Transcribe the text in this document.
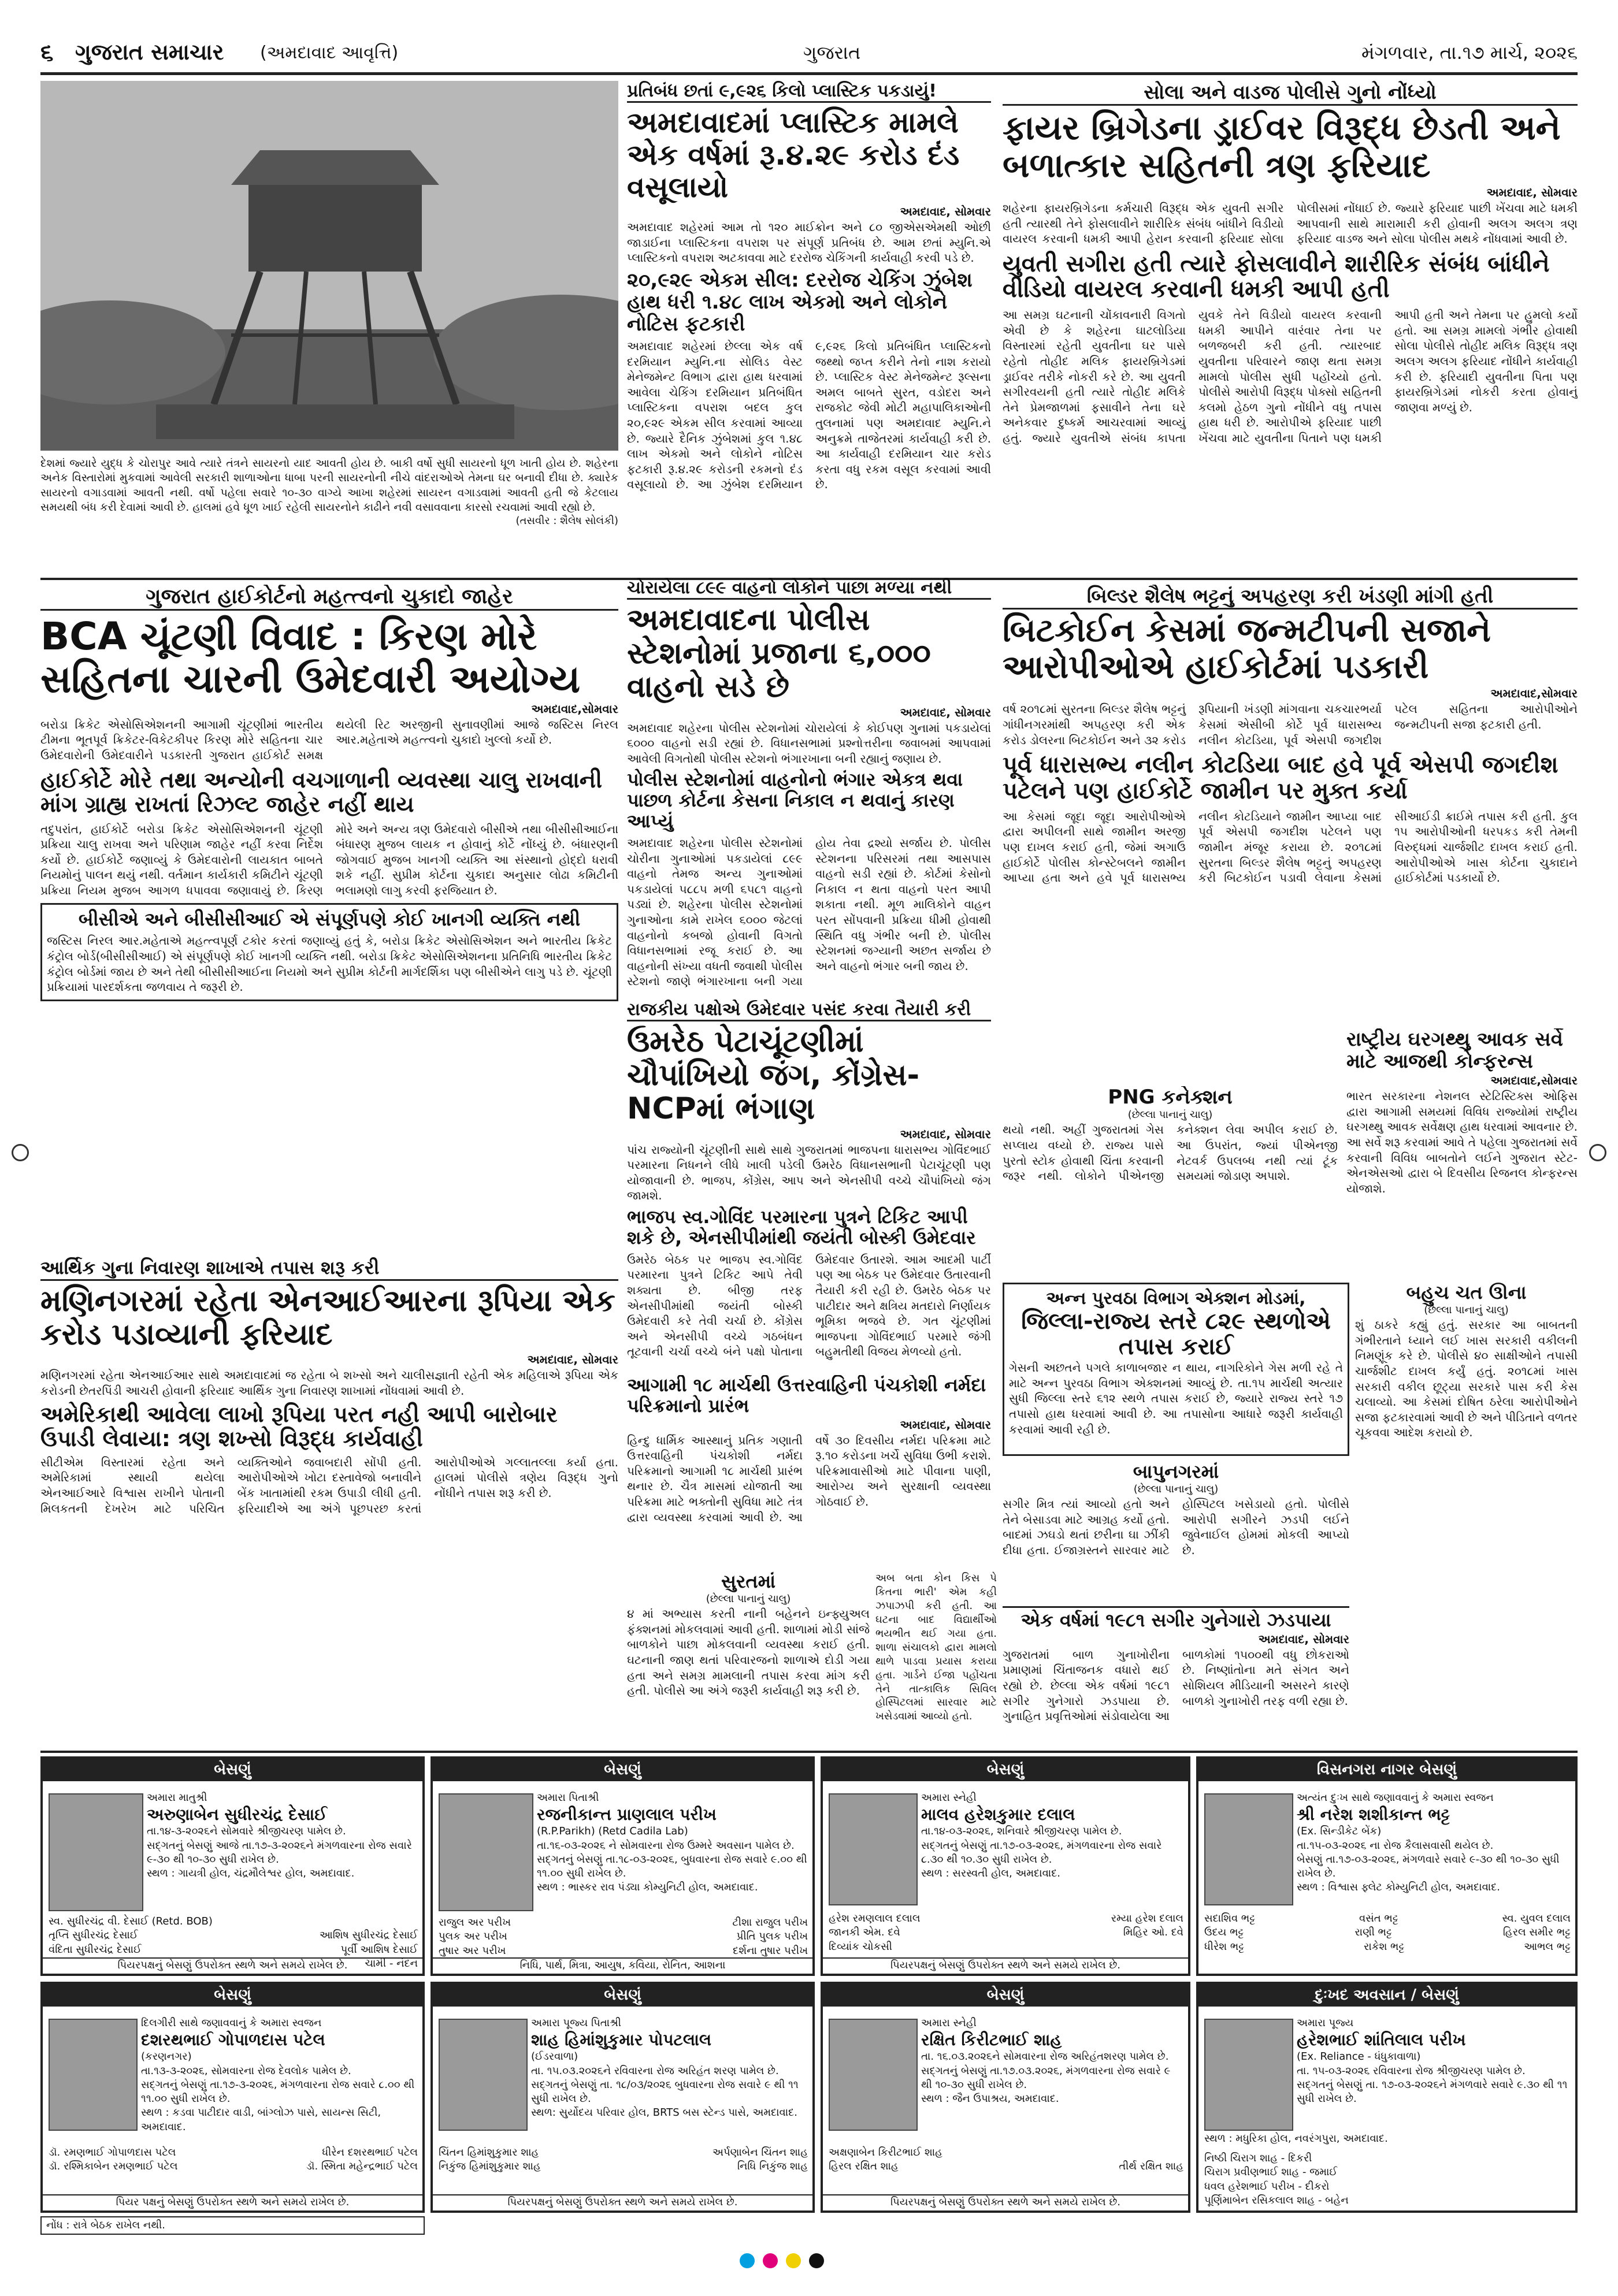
૬ ગુજરાત સમાચાર (અમદાવાદ આવૃત્તિ)	ગુજરાત	મંગળવાર, તા.૧૭ માર્ચ, ૨૦૨૬

દેશમાં જ્યારે યુદ્ધ કે ચોરાપુર આવે ત્યારે તંત્રને સાયરનો યાદ આવતી હોય છે. બાકી વર્ષો સુધી સાયરનો ધૂળ ખાતી હોય છે. શહેરના અનેક વિસ્તારોમાં મુકવામાં આવેલી સરકારી શાળાઓના ધાબા પરની સાયરનોની નીચે વાંદરાઓએ તેમના ઘર બનાવી દીધા છે. ક્યારેક સાયરનો વગાડવામાં આવતી નથી. વર્ષો પહેલા સવારે ૧૦-૩૦ વાગ્યે આખા શહેરમાં સાયરન વગાડવામાં આવતી હતી જે કેટલાય સમયથી બંધ કરી દેવામાં આવી છે. હાલમાં હવે ધૂળ ખાઈ રહેલી સાયરનોને કાઢીને નવી વસાવવાના કારસો રચવામાં આવી રહ્યો છે.

(તસવીર : શૈલેષ સોલંકી)

પ્રતિબંધ છતાં ૯,૯૨૬ કિલો પ્લાસ્ટિક પકડાયું!
અમદાવાદમાં પ્લાસ્ટિક મામલે એક વર્ષમાં રૂ.૪.૨૯ કરોડ દંડ વસૂલાયો
અમદાવાદ, સોમવાર

અમદાવાદ શહેરમાં આમ તો ૧૨૦ માઈક્રોન અને ૮૦ જીએસએમથી ઓછી જાડાઈના પ્લાસ્ટિકના વપરાશ પર સંપૂર્ણ પ્રતિબંધ છે. આમ છતાં મ્યુનિ.એ પ્લાસ્ટિકનો વપરાશ અટકાવવા માટે દરરોજ ચેકિંગની કાર્યવાહી કરવી પડે છે.

૨૦,૯૨૯ એકમ સીલ: દરરોજ ચેકિંગ ઝુંબેશ હાથ ધરી ૧.૪૮ લાખ એકમો અને લોકોને નોટિસ ફટકારી

અમદાવાદ શહેરમાં છેલ્લા એક વર્ષ દરમિયાન મ્યુનિ.ના સોલિડ વેસ્ટ મેનેજમેન્ટ વિભાગ દ્વારા હાથ ધરવામાં આવેલા ચેકિંગ દરમિયાન પ્રતિબંધિત પ્લાસ્ટિકના વપરાશ બદલ કુલ ૨૦,૯૨૯ એકમ સીલ કરવામાં આવ્યા છે. જ્યારે દૈનિક ઝુંબેશમાં કુલ ૧.૪૮ લાખ એકમો અને લોકોને નોટિસ ફટકારી રૂ.૪.૨૯ કરોડની રકમનો દંડ વસૂલાયો છે. આ ઝુંબેશ દરમિયાન ૯,૯૨૬ કિલો પ્રતિબંધિત પ્લાસ્ટિકનો જથ્થો જપ્ત કરીને તેનો નાશ કરાયો છે. પ્લાસ્ટિક વેસ્ટ મેનેજમેન્ટ રૂલ્સના અમલ બાબતે સુરત, વડોદરા અને રાજકોટ જેવી મોટી મહાપાલિકાઓની તુલનામાં પણ અમદાવાદ મ્યુનિ.ને અનુક્રમે તાજેતરમાં કાર્યવાહી કરી છે. આ કાર્યવાહી દરમિયાન ચાર કરોડ કરતા વધુ રકમ વસૂલ કરવામાં આવી છે.

સોલા અને વાડજ પોલીસે ગુનો નોંધ્યો
ફાયર બ્રિગેડના ડ્રાઈવર વિરૂદ્ધ છેડતી અને બળાત્કાર સહિતની ત્રણ ફરિયાદ
અમદાવાદ, સોમવાર

શહેરના ફાયરબ્રિગેડના કર્મચારી વિરૂદ્ધ એક યુવતી સગીર હતી ત્યારથી તેને ફોસલાવીને શારીરિક સંબંધ બાંધીને વિડીયો વાયરલ કરવાની ધમકી આપી હેરાન કરવાની ફરિયાદ સોલા પોલીસમાં નોંધાઈ છે. જ્યારે ફરિયાદ પાછી ખેંચવા માટે ધમકી આપવાની સાથે મારામારી કરી હોવાની અલગ અલગ ત્રણ ફરિયાદ વાડજ અને સોલા પોલીસ મથકે નોંધવામાં આવી છે.

યુવતી સગીરા હતી ત્યારે ફોસલાવીને શારીરિક સંબંધ બાંધીને વીડિયો વાયરલ કરવાની ધમકી આપી હતી

આ સમગ્ર ઘટનાની ચોંકાવનારી વિગતો એવી છે કે શહેરના ઘાટલોડિયા વિસ્તારમાં રહેતી યુવતીના ઘર પાસે રહેતો તોહીદ મલિક ફાયરબ્રિગેડમાં ડ્રાઈવર તરીકે નોકરી કરે છે. આ યુવતી સગીરવયની હતી ત્યારે તોહીદ મલિકે તેને પ્રેમજાળમાં ફસાવીને તેના ઘરે અનેકવાર દુષ્કર્મ આચરવામાં આવ્યું હતું. જ્યારે યુવતીએ સંબંધ કાપતા યુવકે તેને વિડીયો વાયરલ કરવાની ધમકી આપીને વારંવાર તેના પર બળજબરી કરી હતી. ત્યારબાદ યુવતીના પરિવારને જાણ થતા સમગ્ર મામલો પોલીસ સુધી પહોંચ્યો હતો. પોલીસે આરોપી વિરૂદ્ધ પોક્સો સહિતની કલમો હેઠળ ગુનો નોંધીને વધુ તપાસ હાથ ધરી છે. આરોપીએ ફરિયાદ પાછી ખેંચવા માટે યુવતીના પિતાને પણ ધમકી આપી હતી અને તેમના પર હુમલો કર્યો હતો. આ સમગ્ર મામલો ગંભીર હોવાથી સોલા પોલીસે તોહીદ મલિક વિરૂદ્ધ ત્રણ અલગ અલગ ફરિયાદ નોંધીને કાર્યવાહી કરી છે. ફરિયાદી યુવતીના પિતા પણ ફાયરબ્રિગેડમાં નોકરી કરતા હોવાનું જાણવા મળ્યું છે.

ગુજરાત હાઈકોર્ટનો મહત્ત્વનો ચુકાદો જાહેર
BCA ચૂંટણી વિવાદ : કિરણ મોરે સહિતના ચારની ઉમેદવારી અયોગ્ય
અમદાવાદ,સોમવાર

બરોડા ક્રિકેટ એસોસિએશનની આગામી ચૂંટણીમાં ભારતીય ટીમના ભૂતપૂર્વ ક્રિકેટર-વિકેટકીપર કિરણ મોરે સહિતના ચાર ઉમેદવારોની ઉમેદવારીને પડકારતી ગુજરાત હાઈકોર્ટ સમક્ષ થયેલી રિટ અરજીની સુનાવણીમાં આજે જસ્ટિસ નિરલ આર.મહેતાએ મહત્ત્વનો ચુકાદો ખુલ્લો કર્યો છે.

હાઈકોર્ટે મોરે તથા અન્યોની વચગાળાની વ્યવસ્થા ચાલુ રાખવાની માંગ ગ્રાહ્ય રાખતાં રિઝલ્ટ જાહેર નહીં થાય

તદુપરાંત, હાઈકોર્ટે બરોડા ક્રિકેટ એસોસિએશનની ચૂંટણી પ્રક્રિયા ચાલુ રાખવા અને પરિણામ જાહેર નહીં કરવા નિર્દેશ કર્યો છે. હાઈકોર્ટે જણાવ્યું કે ઉમેદવારોની લાયકાત બાબતે નિયમોનું પાલન થયું નથી. વર્તમાન કાર્યકારી કમિટીને ચૂંટણી પ્રક્રિયા નિયમ મુજબ આગળ ધપાવવા જણાવાયું છે. કિરણ મોરે અને અન્ય ત્રણ ઉમેદવારો બીસીએ તથા બીસીસીઆઈના બંધારણ મુજબ લાયક ન હોવાનું કોર્ટે નોંધ્યું છે. બંધારણની જોગવાઈ મુજબ ખાનગી વ્યક્તિ આ સંસ્થાનો હોદ્દો ધરાવી શકે નહીં. સુપ્રીમ કોર્ટના ચુકાદા અનુસાર લોઢા કમિટીની ભલામણો લાગુ કરવી ફરજિયાત છે.

બીસીએ અને બીસીસીઆઈ એ સંપૂર્ણપણે કોઈ ખાનગી વ્યક્તિ નથી

જસ્ટિસ નિરલ આર.મહેતાએ મહત્ત્વપૂર્ણ ટકોર કરતાં જણાવ્યું હતું કે, બરોડા ક્રિકેટ એસોસિએશન અને ભારતીય ક્રિકેટ કંટ્રોલ બોર્ડ(બીસીસીઆઈ) એ સંપૂર્ણપણે કોઈ ખાનગી વ્યક્તિ નથી. બરોડા ક્રિકેટ એસોસિએશનના પ્રતિનિધિ ભારતીય ક્રિકેટ કંટ્રોલ બોર્ડમાં જાય છે અને તેથી બીસીસીઆઈના નિયમો અને સુપ્રીમ કોર્ટની માર્ગદર્શિકા પણ બીસીએને લાગુ પડે છે. ચૂંટણી પ્રક્રિયામાં પારદર્શકતા જળવાય તે જરૂરી છે.

ચોરાયેલા ૮૯૯ વાહનો લોકોને પાછા મળ્યા નથી
અમદાવાદના પોલીસ સ્ટેશનોમાં પ્રજાના ૬,૦૦૦ વાહનો સડે છે
અમદાવાદ, સોમવાર

અમદાવાદ શહેરના પોલીસ સ્ટેશનોમાં ચોરાયેલાં કે કોઈપણ ગુનામાં પકડાયેલાં ૬૦૦૦ વાહનો સડી રહ્યાં છે. વિધાનસભામાં પ્રશ્નોત્તરીના જવાબમાં આપવામાં આવેલી વિગતોથી પોલીસ સ્ટેશનો ભંગારખાના બની રહ્યાનું જણાય છે.

પોલીસ સ્ટેશનોમાં વાહનોનો ભંગાર એકત્ર થવા પાછળ કોર્ટના કેસના નિકાલ ન થવાનું કારણ આપ્યું

અમદાવાદ શહેરના પોલીસ સ્ટેશનોમાં ચોરીના ગુનાઓમાં પકડાયેલાં ૮૯૯ વાહનો તેમજ અન્ય ગુનાઓમાં પકડાયેલાં ૫૮૮૫ મળી ૬૫૮૧ વાહનો પડ્યાં છે. શહેરના પોલીસ સ્ટેશનોમાં ગુનાઓના કામે રાખેલ ૬૦૦૦ જેટલાં વાહનોનો કબજો હોવાની વિગતો વિધાનસભામાં રજૂ કરાઈ છે. આ વાહનોની સંખ્યા વધતી જવાથી પોલીસ સ્ટેશનો જાણે ભંગારખાના બની ગયા હોય તેવા દ્રશ્યો સર્જાય છે. પોલીસ સ્ટેશનના પરિસરમાં તથા આસપાસ વાહનો સડી રહ્યાં છે. કોર્ટમાં કેસોનો નિકાલ ન થતા વાહનો પરત આપી શકાતા નથી. મૂળ માલિકોને વાહન પરત સોંપવાની પ્રક્રિયા ધીમી હોવાથી સ્થિતિ વધુ ગંભીર બની છે. પોલીસ સ્ટેશનમાં જગ્યાની અછત સર્જાય છે અને વાહનો ભંગાર બની જાય છે.

બિલ્ડર શૈલેષ ભટ્ટનું અપહરણ કરી ખંડણી માંગી હતી
બિટકોઈન કેસમાં જન્મટીપની સજાને આરોપીઓએ હાઈકોર્ટમાં પડકારી
અમદાવાદ,સોમવાર

વર્ષ ૨૦૧૮માં સુરતના બિલ્ડર શૈલેષ ભટ્ટનું ગાંધીનગરમાંથી અપહરણ કરી એક કરોડ ડોલરના બિટકોઈન અને ૩૨ કરોડ રૂપિયાની ખંડણી માંગવાના ચકચારભર્યા કેસમાં એસીબી કોર્ટે પૂર્વ ધારાસભ્ય નલીન કોટડિયા, પૂર્વ એસપી જગદીશ પટેલ સહિતના આરોપીઓને જન્મટીપની સજા ફટકારી હતી.

પૂર્વ ધારાસભ્ય નલીન કોટડિયા બાદ હવે પૂર્વ એસપી જગદીશ પટેલને પણ હાઈકોર્ટે જામીન પર મુક્ત કર્યા

આ કેસમાં જૂદા જૂદા આરોપીઓએ દ્વારા અપીલની સાથે જામીન અરજી પણ દાખલ કરાઈ હતી, જેમાં અગાઉ હાઈકોર્ટે પોલીસ કોન્સ્ટેબલને જામીન આપ્યા હતા અને હવે પૂર્વ ધારાસભ્ય નલીન કોટડિયાને જામીન આપ્યા બાદ પૂર્વ એસપી જગદીશ પટેલને પણ જામીન મંજૂર કરાયા છે. ૨૦૧૮માં સુરતના બિલ્ડર શૈલેષ ભટ્ટનું અપહરણ કરી બિટકોઈન પડાવી લેવાના કેસમાં સીઆઈડી ક્રાઈમે તપાસ કરી હતી. કુલ ૧૫ આરોપીઓની ધરપકડ કરી તેમની વિરુદ્ધમાં ચાર્જશીટ દાખલ કરાઈ હતી. આરોપીઓએ ખાસ કોર્ટના ચુકાદાને હાઈકોર્ટમાં પડકાર્યો છે.

રાજકીય પક્ષોએ ઉમેદવાર પસંદ કરવા તૈયારી કરી
ઉમરેઠ પેટાચૂંટણીમાં ચૌપાંખિયો જંગ, કોંગ્રેસ-NCPમાં ભંગાણ
અમદાવાદ, સોમવાર

પાંચ રાજ્યોની ચૂંટણીની સાથે સાથે ગુજરાતમાં ભાજપના ધારાસભ્ય ગોવિંદભાઈ પરમારના નિધનને લીધે ખાલી પડેલી ઉમરેઠ વિધાનસભાની પેટાચૂંટણી પણ યોજાવાની છે. ભાજપ, કોંગ્રેસ, આપ અને એનસીપી વચ્ચે ચૌપાંખિયો જંગ જામશે.

ભાજપ સ્વ.ગોવિંદ પરમારના પુત્રને ટિકિટ આપી શકે છે, એનસીપીમાંથી જયંતી બોસ્કી ઉમેદવાર

ઉમરેઠ બેઠક પર ભાજપ સ્વ.ગોવિંદ પરમારના પુત્રને ટિકિટ આપે તેવી શક્યતા છે. બીજી તરફ એનસીપીમાંથી જયંતી બોસ્કી ઉમેદવારી કરે તેવી ચર્ચા છે. કોંગ્રેસ અને એનસીપી વચ્ચે ગઠબંધન તૂટવાની ચર્ચા વચ્ચે બંને પક્ષો પોતાના ઉમેદવાર ઉતારશે. આમ આદમી પાર્ટી પણ આ બેઠક પર ઉમેદવાર ઉતારવાની તૈયારી કરી રહી છે. ઉમરેઠ બેઠક પર પાટીદાર અને ક્ષત્રિય મતદારો નિર્ણાયક ભૂમિકા ભજવે છે. ગત ચૂંટણીમાં ભાજપના ગોવિંદભાઈ પરમારે જંગી બહુમતીથી વિજય મેળવ્યો હતો.

રાષ્ટ્રીય ઘરગથ્થુ આવક સર્વે માટે આજથી કોન્ફરન્સ
અમદાવાદ,સોમવાર

ભારત સરકારના નેશનલ સ્ટેટિસ્ટિક્સ ઓફિસ દ્વારા આગામી સમયમાં વિવિધ રાજ્યોમાં રાષ્ટ્રીય ઘરગથ્થુ આવક સર્વેક્ષણ હાથ ધરવામાં આવનાર છે. આ સર્વે શરૂ કરવામાં આવે તે પહેલા ગુજરાતમાં સર્વે કરવાની વિવિધ બાબતોને લઈને ગુજરાત સ્ટેટ-એનએસઓ દ્વારા બે દિવસીય રિજનલ કોન્ફરન્સ યોજાશે.

PNG કનેક્શન
(છેલ્લા પાનાનું ચાલુ)

થયો નથી. અહીં ગુજરાતમાં ગેસ સપ્લાય વધ્યો છે. રાજ્ય પાસે પુરતો સ્ટોક હોવાથી ચિંતા કરવાની જરૂર નથી. લોકોને પીએનજી કનેક્શન લેવા અપીલ કરાઈ છે. આ ઉપરાંત, જ્યાં પીએનજી નેટવર્ક ઉપલબ્ધ નથી ત્યાં ટૂંક સમયમાં જોડાણ અપાશે.

અન્ન પુરવઠા વિભાગ એક્શન મોડમાં,
જિલ્લા-રાજ્ય સ્તરે ૮૨૯ સ્થળોએ તપાસ કરાઈ

ગેસની અછતને પગલે કાળાબજાર ન થાય, નાગરિકોને ગેસ મળી રહે તે માટે અન્ન પુરવઠા વિભાગ એક્શનમાં આવ્યું છે. તા.૧૫ માર્ચથી અત્યાર સુધી જિલ્લા સ્તરે ૬૧૨ સ્થળે તપાસ કરાઈ છે, જ્યારે રાજ્ય સ્તરે ૧૭ તપાસો હાથ ધરવામાં આવી છે. આ તપાસોના આધારે જરૂરી કાર્યવાહી કરવામાં આવી રહી છે.

બહુચ ચત ઊના
(છેલ્લા પાનાનું ચાલુ)

શું ઠાકરે કહ્યું હતું. સરકાર આ બાબતની ગંભીરતાને ધ્યાને લઈ ખાસ સરકારી વકીલની નિમણૂંક કરે છે. પોલીસે ૪૦ સાક્ષીઓને તપાસી ચાર્જશીટ દાખલ કર્યું હતું. ૨૦૧૮માં ખાસ સરકારી વકીલ છૂટ્યા સરકારે પાસ કરી કેસ ચલાવ્યો. આ કેસમાં દોષિત ઠરેલા આરોપીઓને સજા ફટકારવામાં આવી છે અને પીડિતાને વળતર ચૂકવવા આદેશ કરાયો છે.

આર્થિક ગુના નિવારણ શાખાએ તપાસ શરૂ કરી
મણિનગરમાં રહેતા એનઆઈઆરના રૂપિયા એક કરોડ પડાવ્યાની ફરિયાદ
અમદાવાદ, સોમવાર

મણિનગરમાં રહેતા એનઆઈઆર સાથે અમદાવાદમાં જ રહેતા બે શખ્સો અને ચાલીસજ્ઞાતી રહેતી એક મહિલાએ રૂપિયા એક કરોડની છેતરપિંડી આચરી હોવાની ફરિયાદ આર્થિક ગુના નિવારણ શાખામાં નોંધવામાં આવી છે.

અમેરિકાથી આવેલા લાખો રૂપિયા પરત નહી આપી બારોબાર ઉપાડી લેવાયા: ત્રણ શખ્સો વિરૂદ્ધ કાર્યવાહી

સીટીએમ વિસ્તારમાં રહેતા અને અમેરિકામાં સ્થાયી થયેલા એનઆઈઆરે વિશ્વાસ રાખીને પોતાની મિલકતની દેખરેખ માટે પરિચિત વ્યક્તિઓને જવાબદારી સોંપી હતી. આરોપીઓએ ખોટા દસ્તાવેજો બનાવીને બેંક ખાતામાંથી રકમ ઉપાડી લીધી હતી. ફરિયાદીએ આ અંગે પૂછપરછ કરતાં આરોપીઓએ ગલ્લાતલ્લા કર્યા હતા. હાલમાં પોલીસે ત્રણેય વિરૂદ્ધ ગુનો નોંધીને તપાસ શરૂ કરી છે.

આગામી ૧૮ માર્ચથી ઉત્તરવાહિની પંચકોશી નર્મદા પરિક્રમાનો પ્રારંભ
અમદાવાદ, સોમવાર

હિન્દુ ધાર્મિક આસ્થાનું પ્રતિક ગણાતી ઉત્તરવાહિની પંચકોશી નર્મદા પરિક્રમાનો આગામી ૧૮ માર્ચથી પ્રારંભ થનાર છે. ચૈત્ર માસમાં યોજાતી આ પરિક્રમા માટે ભક્તોની સુવિધા માટે તંત્ર દ્વારા વ્યવસ્થા કરવામાં આવી છે. આ વર્ષે ૩૦ દિવસીય નર્મદા પરિક્રમા માટે રૂ.૧૦ કરોડના ખર્ચે સુવિધા ઉભી કરાશે. પરિક્રમાવાસીઓ માટે પીવાના પાણી, આરોગ્ય અને સુરક્ષાની વ્યવસ્થા ગોઠવાઈ છે.

સુરતમાં
(છેલ્લા પાનાનું ચાલુ)

૪ માં અભ્યાસ કરતી નાની બહેનને ઇન્ફ્યુઅલ ફંક્શનમાં મોકલવામાં આવી હતી. શાળામાં મોડી સાંજે બાળકોને પાછા મોકલવાની વ્યવસ્થા કરાઈ હતી. ઘટનાની જાણ થતાં પરિવારજનો શાળાએ દોડી ગયા હતા અને સમગ્ર મામલાની તપાસ કરવા માંગ કરી હતી. પોલીસે આ અંગે જરૂરી કાર્યવાહી શરૂ કરી છે.

અબ બતા કોન કિસ પે કિતના ભારી' એમ કહી ઝપાઝપી કરી હતી. આ ઘટના બાદ વિદ્યાર્થીઓ ભયભીત થઈ ગયા હતા. શાળા સંચાલકો દ્વારા મામલો થાળે પાડવા પ્રયાસ કરાયા હતા. ગાર્ડને ઈજા પહોંચતા તેને તાત્કાલિક સિવિલ હોસ્પિટલમાં સારવાર માટે ખસેડવામાં આવ્યો હતો.

બાપુનગરમાં
(છેલ્લા પાનાનું ચાલુ)

સગીર મિત્ર ત્યાં આવ્યો હતો અને તેને બેસાડવા માટે આગ્રહ કર્યો હતો. બાદમાં ઝઘડો થતાં છરીના ઘા ઝીંકી દીધા હતા. ઈજાગ્રસ્તને સારવાર માટે હોસ્પિટલ ખસેડાયો હતો. પોલીસે આરોપી સગીરને ઝડપી લઈને જુવેનાઈલ હોમમાં મોકલી આપ્યો છે.

એક વર્ષમાં ૧૯૮૧ સગીર ગુનેગારો ઝડપાયા
અમદાવાદ, સોમવાર

ગુજરાતમાં બાળ ગુનાખોરીના પ્રમાણમાં ચિંતાજનક વધારો થઈ રહ્યો છે. છેલ્લા એક વર્ષમાં ૧૯૮૧ સગીર ગુનેગારો ઝડપાયા છે. ગુનાહિત પ્રવૃત્તિઓમાં સંડોવાયેલા આ બાળકોમાં ૧૫૦૦થી વધુ છોકરાઓ છે. નિષ્ણાંતોના મતે સંગત અને સોશિયલ મીડિયાની અસરને કારણે બાળકો ગુનાખોરી તરફ વળી રહ્યા છે.

બેસણું
અમારા માતુશ્રી
અરુણાબેન સુધીરચંદ્ર દેસાઈ
તા.૧૪-૩-૨૦૨૬ને સોમવારે શ્રીજીચરણ પામેલ છે.
સદ્ગતનું બેસણું આજે તા.૧૭-૩-૨૦૨૬ને મંગળવારના રોજ સવારે ૯-૩૦ થી ૧૦-૩૦ સુધી રાખેલ છે.
સ્થળ : ગાયત્રી હોલ, ચંદ્રમૌલેશ્વર હોલ, અમદાવાદ.
સ્વ. સુધીરચંદ્ર વી. દેસાઈ (Retd. BOB)
તૃપ્તિ સુધીરચંદ્ર દેસાઈ	આશિષ સુધીરચંદ્ર દેસાઈ
વંદિતા સુધીરચંદ્ર દેસાઈ	પૂર્વી આશિષ દેસાઈ
ચાર્મી - નંદન
પિયરપક્ષનું બેસણું ઉપરોક્ત સ્થળે અને સમયે રાખેલ છે.
બેસણું
અમારા પિતાશ્રી
રજનીકાન્ત પ્રાણલાલ પરીખ
(R.P.Parikh) (Retd Cadila Lab)
તા.૧૬-૦૩-૨૦૨૬ ને સોમવારના રોજ ઉમ્મરે અવસાન પામેલ છે.
સદ્ગતનું બેસણું તા.૧૮-૦૩-૨૦૨૬, બુધવારના રોજ સવારે ૯.૦૦ થી ૧૧.૦૦ સુધી રાખેલ છે.
સ્થળ : ભાસ્કર રાવ પંડ્યા કોમ્યુનિટી હોલ, અમદાવાદ.
રાજુલ અર પરીખ	ટીશા રાજુલ પરીખ
પુલક અર પરીખ	પ્રીતિ પુલક પરીખ
તુષાર અર પરીખ	દર્શના તુષાર પરીખ
નિધિ, પાર્થ, મિત્રા, આયુષ, કવિયા, રોનિત, આશના
બેસણું
અમારા સ્નેહી
માલવ હરેશકુમાર દલાલ
તા.૧૪-૦૩-૨૦૨૬, શનિવારે શ્રીજીચરણ પામેલ છે.
સદ્ગતનું બેસણું તા.૧૭-૦૩-૨૦૨૬, મંગળવારના રોજ સવારે ૮.૩૦ થી ૧૦.૩૦ સુધી રાખેલ છે.
સ્થળ : સરસ્વતી હોલ, અમદાવાદ.
હરેશ રમણલાલ દલાલ	રમ્યા હરેશ દલાલ
જાનકી એમ. દવે	મિહિર ઓ. દવે
દિવ્યાંક ચોકસી
પિયરપક્ષનું બેસણું ઉપરોક્ત સ્થળે અને સમયે રાખેલ છે.
વિસનગરા નાગર બેસણું
અત્યંત દુઃખ સાથે જણાવવાનું કે અમારા સ્વજન
શ્રી નરેશ શશીકાન્ત ભટ્ટ
(Ex. સિન્ડીકેટ બેંક)
તા.૧૫-૦૩-૨૦૨૬ ના રોજ કૈલાસવાસી થયેલ છે.
બેસણું તા.૧૭-૦૩-૨૦૨૬, મંગળવારે સવારે ૯-૩૦ થી ૧૦-૩૦ સુધી રાખેલ છે.
સ્થળ : વિશ્વાસ ફ્લેટ કોમ્યુનિટી હોલ, અમદાવાદ.
સદાશિવ ભટ્ટ	વસંત ભટ્ટ	સ્વ. યુવલ દલાલ
ઉદય ભટ્ટ	રાણી ભટ્ટ	હિરલ સમીર ભટ્ટ
ધીરેશ ભટ્ટ	રાકેશ ભટ્ટ	આભલ ભટ્ટ
બેસણું
દિલગીરી સાથે જણાવવાનું કે અમારા સ્વજન
દશરથભાઈ ગોપાળદાસ પટેલ
(કરણનગર)
તા.૧૩-૩-૨૦૨૬, સોમવારના રોજ દેવલોક પામેલ છે.
સદ્ગતનું બેસણું તા.૧૭-૩-૨૦૨૬, મંગળવારના રોજ સવારે ૮.૦૦ થી ૧૧.૦૦ સુધી રાખેલ છે.
સ્થળ : કડવા પાટીદાર વાડી, બાંગ્લોઝ પાસે, સાયન્સ સિટી, અમદાવાદ.
ડૉ. રમણભાઈ ગોપાળદાસ પટેલ	ધીરેન દશરથભાઈ પટેલ
ડૉ. રશ્મિકાબેન રમણભાઈ પટેલ	ડૉ. સ્મિતા મહેન્દ્રભાઈ પટેલ
પિયર પક્ષનું બેસણું ઉપરોક્ત સ્થળે અને સમયે રાખેલ છે.
બેસણું
અમારા પૂજ્ય પિતાશ્રી
શાહ હિમાંશુકુમાર પોપટલાલ
(ઈડરવાળા)
તા. ૧૫.૦૩.૨૦૨૬ને રવિવારના રોજ અરિહંત શરણ પામેલ છે.
સદ્ગતનું બેસણું તા. ૧૮/૦૩/૨૦૨૬ બુધવારના રોજ સવારે ૯ થી ૧૧ સુધી રાખેલ છે.
સ્થળ: સુર્યોદય પરિવાર હોલ, BRTS બસ સ્ટેન્ડ પાસે, અમદાવાદ.
ચિંતન હિમાંશુકુમાર શાહ	અર્પણાબેન ચિંતન શાહ
નિકુંજ હિમાંશુકુમાર શાહ	નિધિ નિકુંજ શાહ
પિયરપક્ષનું બેસણું ઉપરોક્ત સ્થળે અને સમયે રાખેલ છે.
બેસણું
અમારા સ્નેહી
રક્ષિત કિરીટભાઈ શાહ
તા. ૧૬.૦૩.૨૦૨૬ને સોમવારના રોજ અરિહંતશરણ પામેલ છે.
સદ્ગતનું બેસણું તા.૧૭.૦૩.૨૦૨૬, મંગળવારના રોજ સવારે ૯ થી ૧૦-૩૦ સુધી રાખેલ છે.
સ્થળ : જૈન ઉપાશ્રય, અમદાવાદ.
અક્ષણાબેન કિરીટભાઈ શાહ
હિરલ રક્ષિત શાહ	તીર્થ રક્ષિત શાહ
પિયરપક્ષનું બેસણું ઉપરોક્ત સ્થળે અને સમયે રાખેલ છે.
દુઃખદ અવસાન / બેસણું
અમારા પૂજ્ય
હરેશભાઈ શાંતિલાલ પરીખ
(Ex. Reliance - ધંધુકાવાળા)
તા. ૧૫-૦૩-૨૦૨૬ રવિવારના રોજ શ્રીજીચરણ પામેલ છે.
સદ્ગતનું બેસણું તા. ૧૭-૦૩-૨૦૨૬ને મંગળવારે સવારે ૯.૩૦ થી ૧૧ સુધી રાખેલ છે.
સ્થળ : મધુરિકા હોલ, નવરંગપુરા, અમદાવાદ.
નિષ્ઠી ચિરાગ શાહ - દિકરી
ચિરાગ પ્રવીણભાઈ શાહ - જમાઈ
ધવલ હરેશભાઈ પરીખ - દીકરો
પૂર્ણિમાબેન રસિકલાલ શાહ - બહેન
નોંધ : રાત્રે બેઠક રાખેલ નથી.
